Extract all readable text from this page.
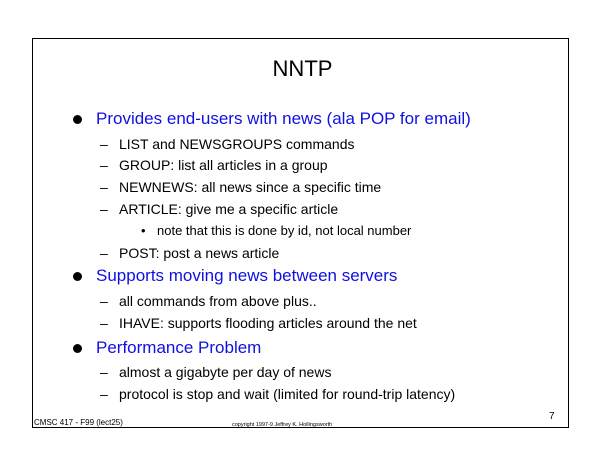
NNTP
Provides end-users with news (ala POP for email)
– LIST and NEWSGROUPS commands
– GROUP: list all articles in a group
– NEWNEWS: all news since a specific time
– ARTICLE: give me a specific article
• note that this is done by id, not local number
– POST: post a news article
Supports moving news between servers
– all commands from above plus..
– IHAVE: supports flooding articles around the net
Performance Problem
– almost a gigabyte per day of news
– protocol is stop and wait (limited for round-trip latency)
CMSC 417 - F99 (lect25)	copyright 1997-9 Jeffrey K. Hollingsworth
7
